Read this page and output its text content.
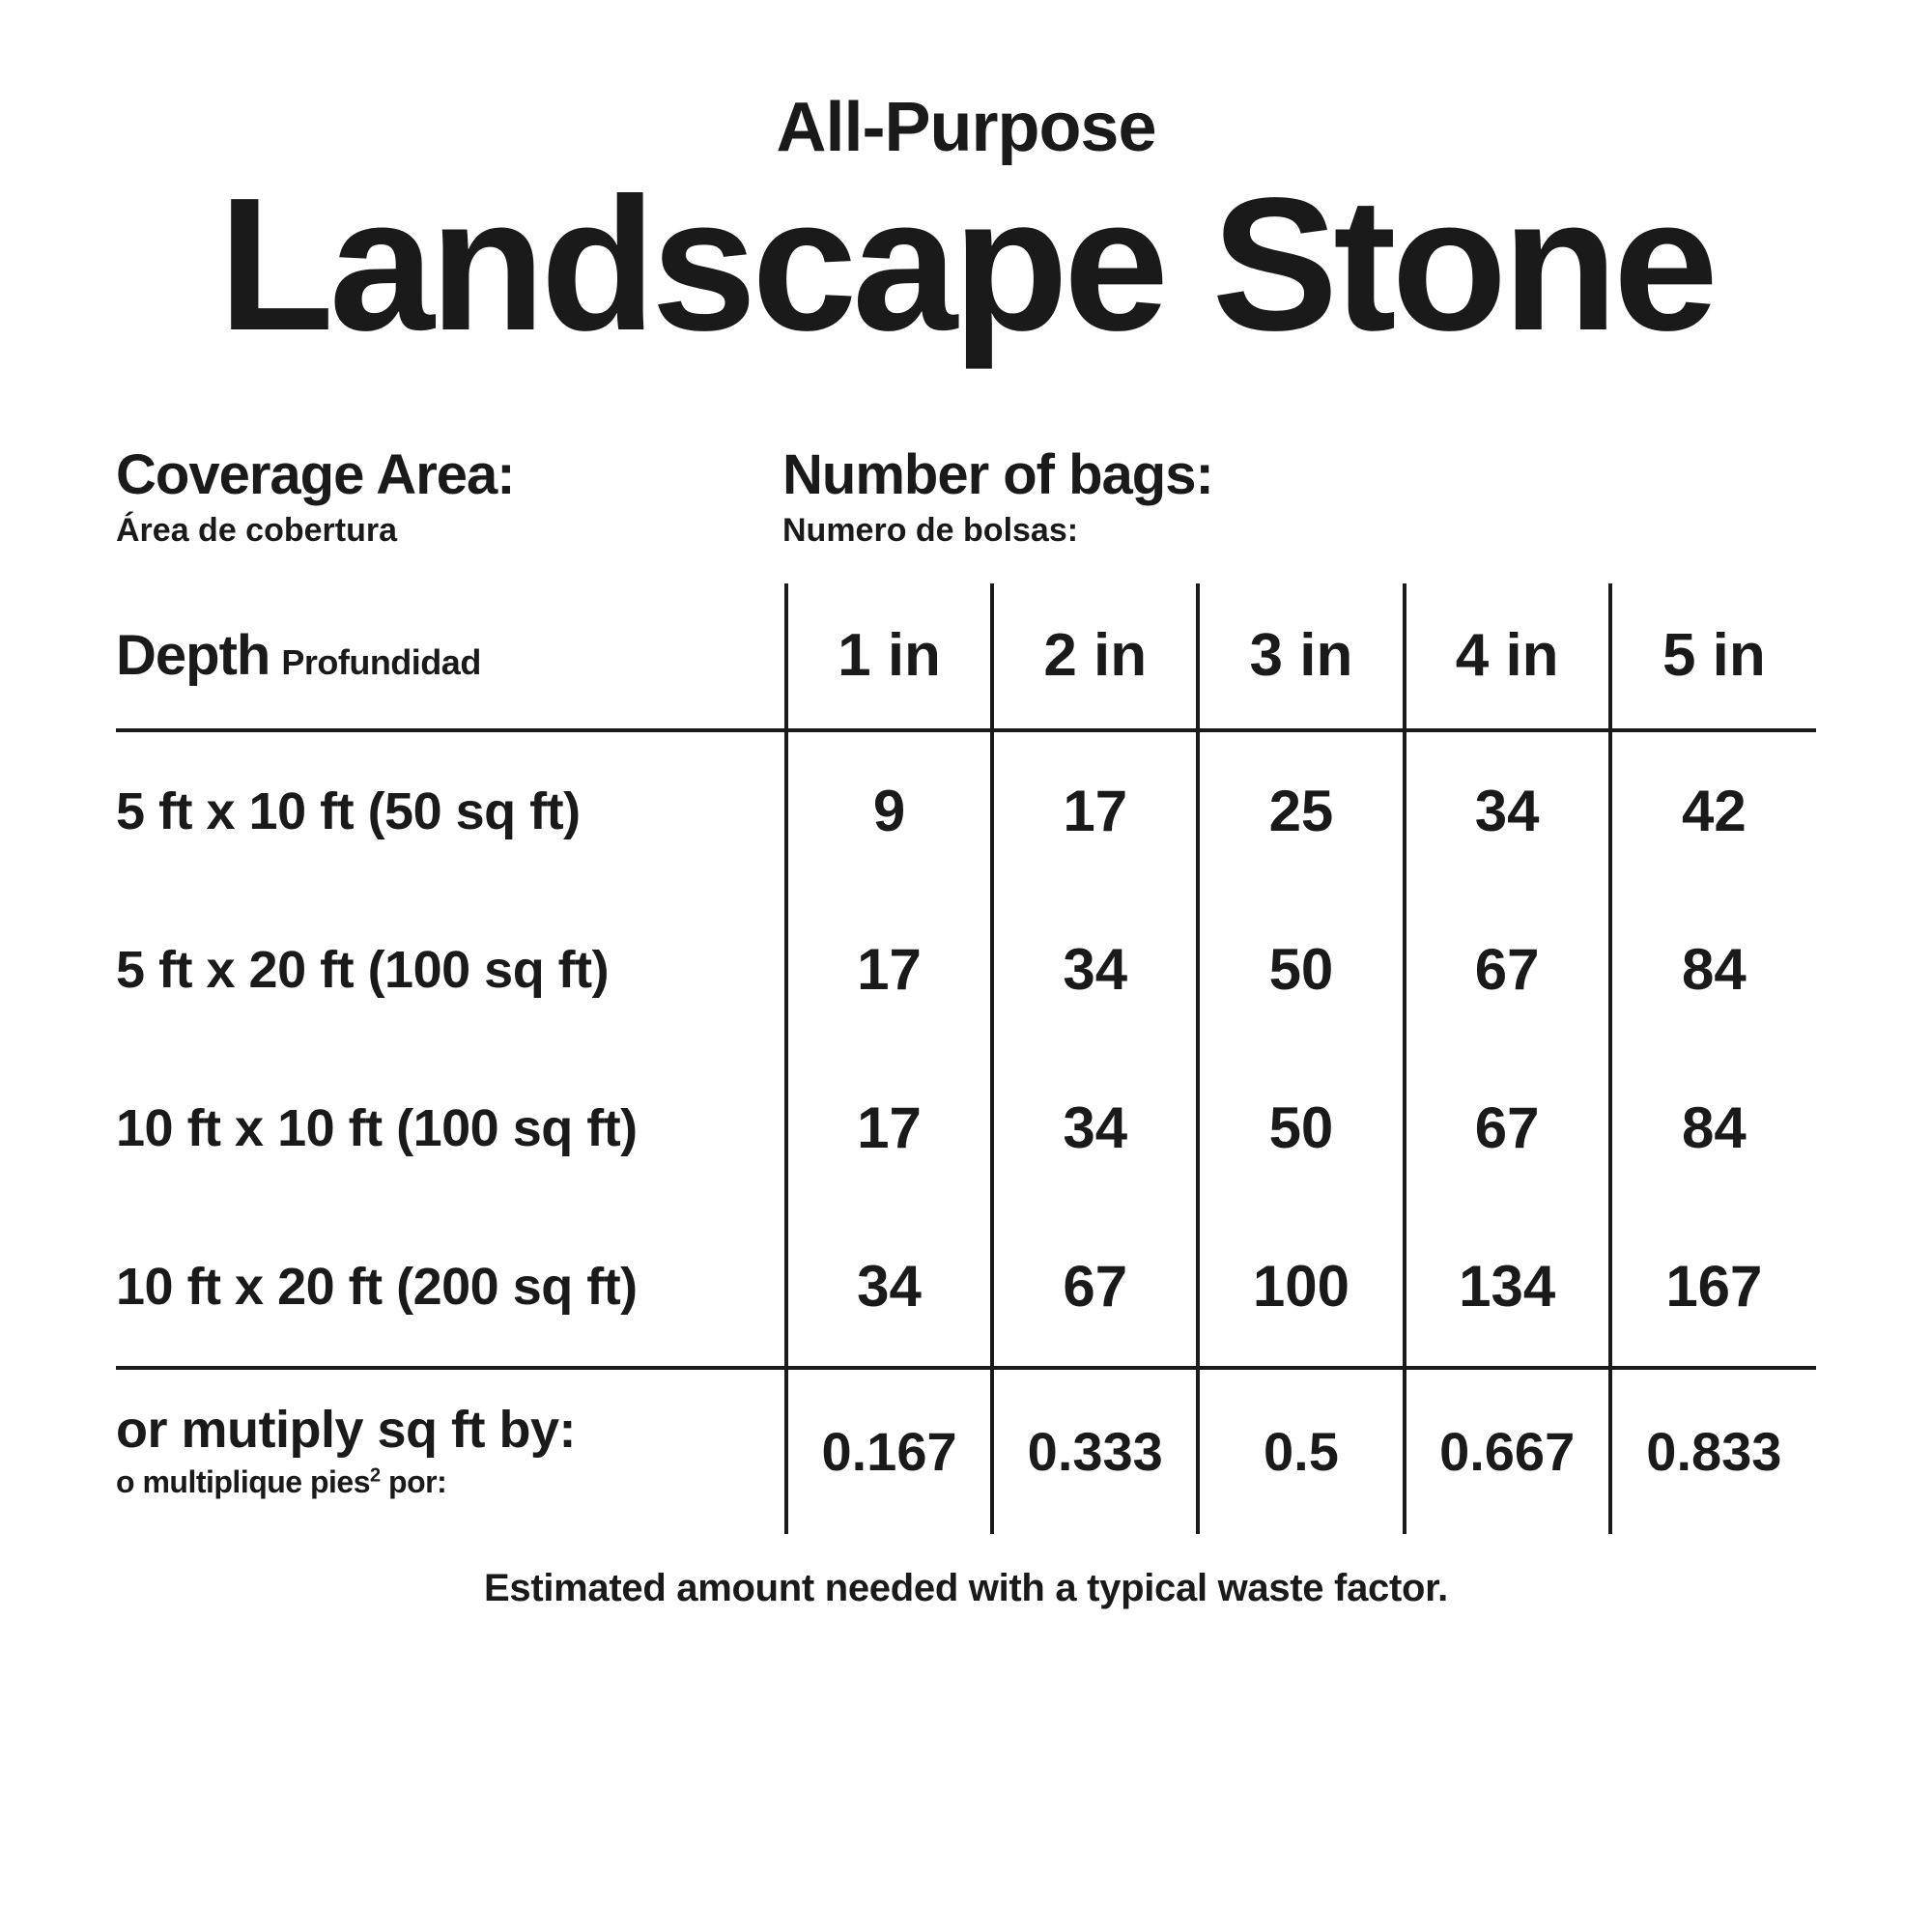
All-Purpose

Landscape Stone

Coverage Area:

Área de cobertura

Number of bags:

Numero de bolsas:

Depth Profundidad	1 in	2 in	3 in	4 in	5 in
5 ft x 10 ft (50 sq ft)	9	17	25	34	42
5 ft x 20 ft (100 sq ft)	17	34	50	67	84
10 ft x 10 ft (100 sq ft)	17	34	50	67	84
10 ft x 20 ft (200 sq ft)	34	67	100	134	167

or mutiply sq ft by:
o multiplique pies$^2$ por:	0.167	0.333	0.5	0.667	0.833

Estimated amount needed with a typical waste factor.
